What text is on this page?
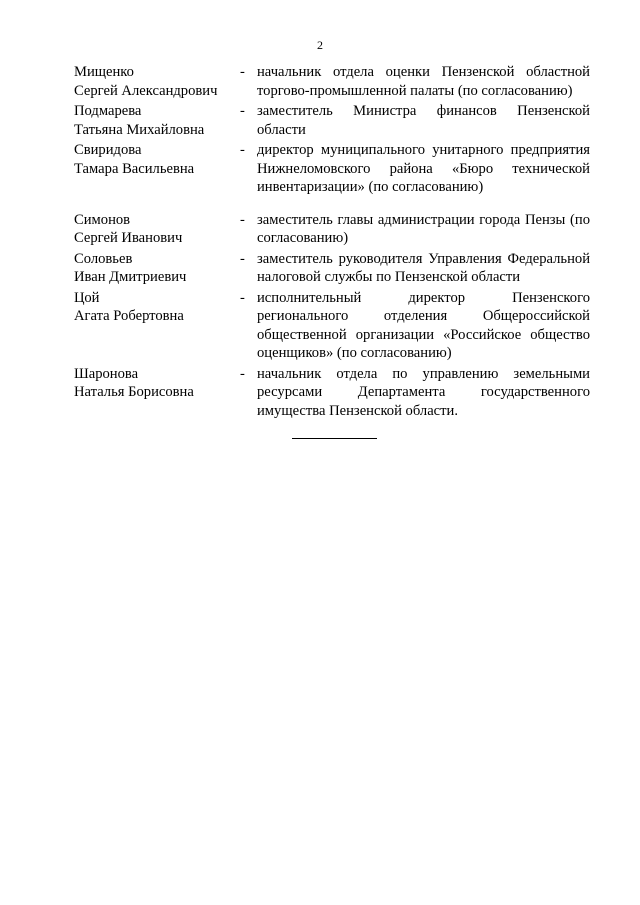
2
Мищенко
Сергей Александрович
- начальник отдела оценки Пензенской областной торгово-промышленной палаты (по согласованию)
Подмарева
Татьяна Михайловна
- заместитель Министра финансов Пензенской области
Свиридова
Тамара Васильевна
- директор муниципального унитарного предприятия Нижнеломовского района «Бюро технической инвентаризации» (по согласованию)
Симонов
Сергей Иванович
- заместитель главы администрации города Пензы (по согласованию)
Соловьев
Иван Дмитриевич
- заместитель руководителя Управления Федеральной налоговой службы по Пензенской области
Цой
Агата Робертовна
- исполнительный директор Пензенского регионального отделения Общероссийской общественной организации «Российское общество оценщиков» (по согласованию)
Шаронова
Наталья Борисовна
- начальник отдела по управлению земельными ресурсами Департамента государственного имущества Пензенской области.
